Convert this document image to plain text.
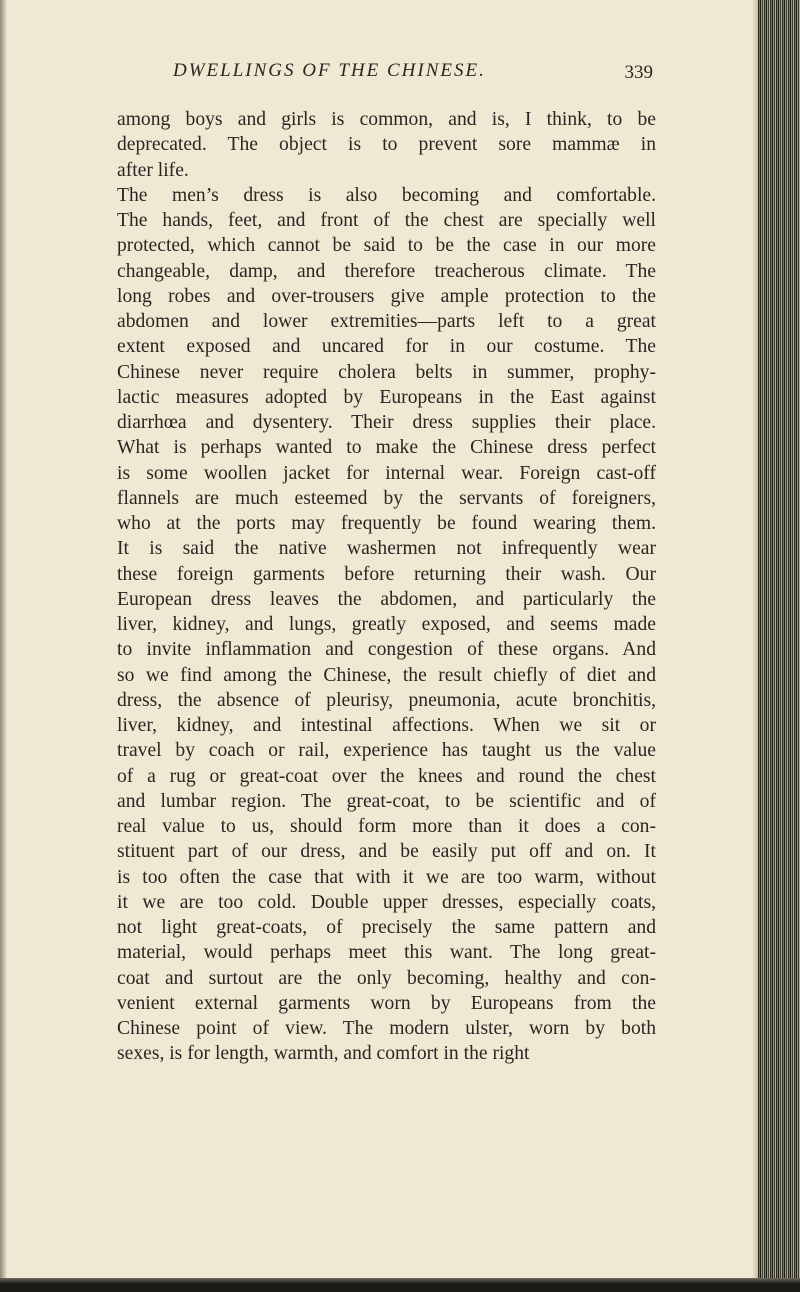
DWELLINGS OF THE CHINESE.	339
among boys and girls is common, and is, I think, to be
deprecated. The object is to prevent sore mammæ in
after life.
The men’s dress is also becoming and comfortable.
The hands, feet, and front of the chest are specially well
protected, which cannot be said to be the case in our more
changeable, damp, and therefore treacherous climate. The
long robes and over-trousers give ample protection to the
abdomen and lower extremities—parts left to a great
extent exposed and uncared for in our costume. The
Chinese never require cholera belts in summer, prophy-
lactic measures adopted by Europeans in the East against
diarrhœa and dysentery. Their dress supplies their place.
What is perhaps wanted to make the Chinese dress perfect
is some woollen jacket for internal wear. Foreign cast-off
flannels are much esteemed by the servants of foreigners,
who at the ports may frequently be found wearing them.
It is said the native washermen not infrequently wear
these foreign garments before returning their wash. Our
European dress leaves the abdomen, and particularly the
liver, kidney, and lungs, greatly exposed, and seems made
to invite inflammation and congestion of these organs. And
so we find among the Chinese, the result chiefly of diet and
dress, the absence of pleurisy, pneumonia, acute bronchitis,
liver, kidney, and intestinal affections. When we sit or
travel by coach or rail, experience has taught us the value
of a rug or great-coat over the knees and round the chest
and lumbar region. The great-coat, to be scientific and of
real value to us, should form more than it does a con-
stituent part of our dress, and be easily put off and on. It
is too often the case that with it we are too warm, without
it we are too cold. Double upper dresses, especially coats,
not light great-coats, of precisely the same pattern and
material, would perhaps meet this want. The long great-
coat and surtout are the only becoming, healthy and con-
venient external garments worn by Europeans from the
Chinese point of view. The modern ulster, worn by both
sexes, is for length, warmth, and comfort in the right
